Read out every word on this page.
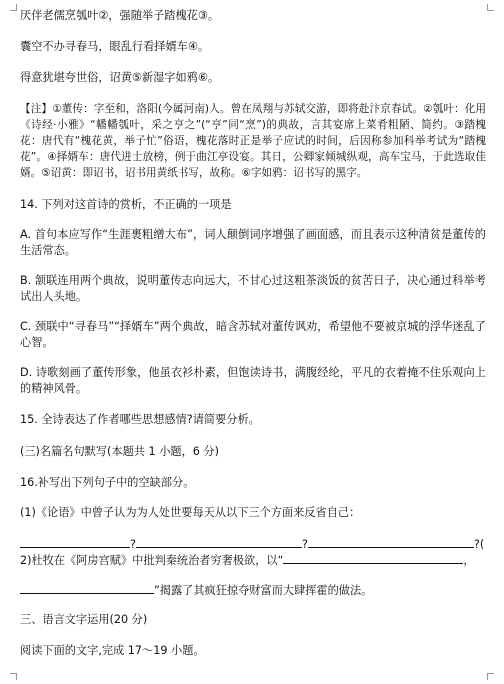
厌伴老儒烹瓠叶②，强随举子踏槐花③。

囊空不办寻春马，眼乱行看择婿车④。

得意犹堪夸世俗，诏黄⑤新湿字如鸦⑥。

【注】①董传：字至和，洛阳(今属河南)人。曾在凤翔与苏轼交游，即将赴汴京春试。②瓠叶：化用《诗经·小雅》“幡幡瓠叶，采之亨之”(“亨”同“烹”)的典故，言其宴席上菜肴粗陋、简约。③踏槐花：唐代有“槐花黄，举子忙”俗语，槐花落时正是举子应试的时间，后因称参加科举考试为“踏槐花”。④择婿车：唐代进士放榜，例于曲江亭设宴。其日，公卿家倾城纵观，高车宝马，于此选取佳婿。⑤诏黄：即诏书，诏书用黄纸书写，故称。⑥字如鸦：诏书写的黑字。

14. 下列对这首诗的赏析，不正确的一项是

A. 首句本应写作“生涯裹粗缯大布”，词人颠倒词序增强了画面感，而且表示这种清贫是董传的生活常态。

B. 颔联连用两个典故，说明董传志向远大，不甘心过这粗茶淡饭的贫苦日子，决心通过科举考试出人头地。

C. 颈联中“寻春马”“择婿车”两个典故，暗含苏轼对董传讽劝，希望他不要被京城的浮华迷乱了心智。

D. 诗歌刻画了董传形象，他虽衣衫朴素，但饱读诗书，满腹经纶，平凡的衣着掩不住乐观向上的精神风骨。

15. 全诗表达了作者哪些思想感情?请简要分析。

(三)名篇名句默写(本题共 1 小题，6 分)

16.补写出下列句子中的空缺部分。

(1)《论语》中曾子认为为人处世要每天从以下三个方面来反省自己：

?	?	?(
2)杜牧在《阿房宫赋》中批判秦统治者穷奢极欲，以“	，
”揭露了其疯狂掠夺财富而大肆挥霍的做法。

三、语言文字运用(20 分)

阅读下面的文字,完成 17～19 小题。
